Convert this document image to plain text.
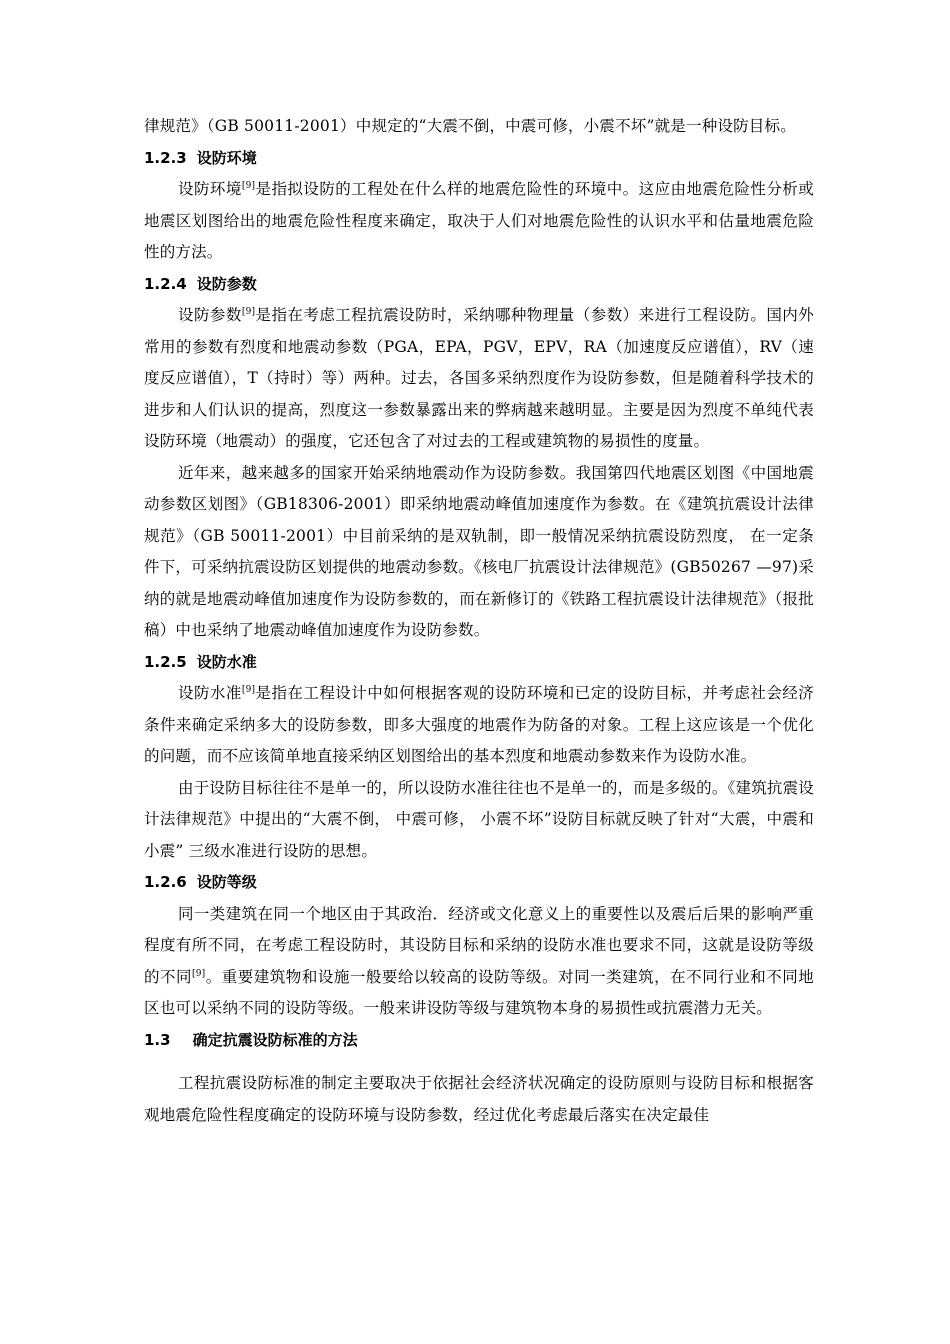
律规范》（GB 50011-2001）中规定的“大震不倒，中震可修，小震不坏”就是一种设防目标。

1.2.3 设防环境

设防环境[9]是指拟设防的工程处在什么样的地震危险性的环境中。这应由地震危险性分析或地震区划图给出的地震危险性程度来确定，取决于人们对地震危险性的认识水平和估量地震危险性的方法。

1.2.4 设防参数

设防参数[9]是指在考虑工程抗震设防时，采纳哪种物理量（参数）来进行工程设防。国内外常用的参数有烈度和地震动参数（PGA，EPA，PGV，EPV，RA（加速度反应谱值），RV（速度反应谱值），T（持时）等）两种。过去，各国多采纳烈度作为设防参数，但是随着科学技术的进步和人们认识的提高，烈度这一参数暴露出来的弊病越来越明显。主要是因为烈度不单纯代表设防环境（地震动）的强度，它还包含了对过去的工程或建筑物的易损性的度量。

近年来，越来越多的国家开始采纳地震动作为设防参数。我国第四代地震区划图《中国地震动参数区划图》（GB18306-2001）即采纳地震动峰值加速度作为参数。在《建筑抗震设计法律规范》（GB 50011-2001）中目前采纳的是双轨制，即一般情况采纳抗震设防烈度， 在一定条件下，可采纳抗震设防区划提供的地震动参数。《核电厂抗震设计法律规范》(GB50267 —97)采纳的就是地震动峰值加速度作为设防参数的，而在新修订的《铁路工程抗震设计法律规范》（报批稿）中也采纳了地震动峰值加速度作为设防参数。

1.2.5 设防水准

设防水准[9]是指在工程设计中如何根据客观的设防环境和已定的设防目标，并考虑社会经济条件来确定采纳多大的设防参数，即多大强度的地震作为防备的对象。工程上这应该是一个优化的问题，而不应该简单地直接采纳区划图给出的基本烈度和地震动参数来作为设防水准。

由于设防目标往往不是单一的，所以设防水准往往也不是单一的，而是多级的。《建筑抗震设计法律规范》中提出的“大震不倒， 中震可修， 小震不坏”设防目标就反映了针对“大震，中震和小震” 三级水准进行设防的思想。

1.2.6 设防等级

同一类建筑在同一个地区由于其政治．经济或文化意义上的重要性以及震后后果的影响严重程度有所不同，在考虑工程设防时，其设防目标和采纳的设防水准也要求不同，这就是设防等级的不同[9]。重要建筑物和设施一般要给以较高的设防等级。对同一类建筑，在不同行业和不同地区也可以采纳不同的设防等级。一般来讲设防等级与建筑物本身的易损性或抗震潜力无关。

1.3 确定抗震设防标准的方法

工程抗震设防标准的制定主要取决于依据社会经济状况确定的设防原则与设防目标和根据客观地震危险性程度确定的设防环境与设防参数，经过优化考虑最后落实在决定最佳
